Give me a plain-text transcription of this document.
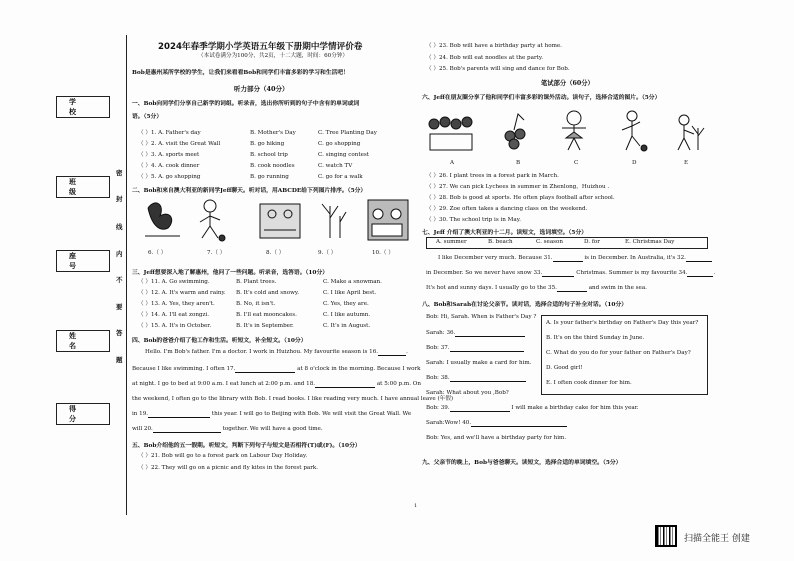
学 校
班 级
座 号
姓 名
得 分
密
封
线
内
不
要
答
题
2024年春季学期小学英语五年级下册期中学情评价卷
（本试卷满分为100分，共2页，十二大题，时间：60分钟）
Bob是惠州某所学校的学生，让我们来看看Bob和同学们丰富多彩的学习和生活吧！
听力部分（40分）
一、Bob向同学们分享自己新学的词组。听录音，选出你所听到的句子中含有的单词或词
语。（5分）
（ ）1. A. Father's day	B. Mother's Day	C. Tree Planting Day
（ ）2. A. visit the Great Wall	B. go hiking	C. go shopping
（ ）3. A. sports meet	B. school trip	C. singing contest
（ ）4. A. cook dinner	B. cook noodles	C. watch TV
（ ）5. A. go shopping	B. go running	C. go for a walk
二、Bob和來自澳大利亚的新同学Jeff聊天。听对话，用ABCDE给下列图片排序。（5分）
6.（ ）	7.（ ）	8.（ ）	9.（ ）	10.（ ）
三、Jeff想要深入地了解惠州，他问了一些问题。听录音，选答语。（10分）
（ ）11. A. Go swimming.	B. Plant trees.	C. Make a snowman.
（ ）12. A. It's warm and rainy. B. It's cold and snowy.	C. I like April best.
（ ）13. A. Yes, they aren't.	B. No, it isn't.	C. Yes, they are.
（ ）14. A. I'll eat zongzi.	B. I'll eat mooncakes.	C. I like autumn.
（ ）15. A. It's in October.	B. It's in September.	C. It's in August.
四、Bob的爸爸介绍了他工作和生活。听短文，补全短文。（10分）
Hello. I'm Bob's father. I'm a doctor. I work in Huizhou. My favourite season is 16.	.
Because I like swimming. I often 17.	at 8 o'clock in the morning. Because I work
at night. I go to bed at 9:00 a.m. I eat lunch at 2:00 p.m. and 18.	at 5:00 p.m. On
the weekend, I often go to the library with Bob. I read books. I like reading very much. I have annual leave (年假)
in 19.	this year. I will go to Beijing with Bob. We will visit the Great Wall. We
will 20.	together. We will have a good time.
五、Bob介绍他的五一假期。听短文，判断下列句子与短文是否相符(T)或(F)。（10分）
（ ）21. Bob will go to a forest park on Labour Day Holiday.
（ ）22. They will go on a picnic and fly kites in the forest park.
（ ）23. Bob will have a birthday party at home.
（ ）24. Bob will eat noodles at the party.
（ ）25. Bob's parents will sing and dance for Bob.
笔试部分（60分）
六、Jeff在朋友圈分享了他和同学们丰富多彩的课外活动。读句子，选择合适的图片。（5分）
A	B	C	D	E
（ ）26. I plant trees in a forest park in March.
（ ）27. We can pick Lychees in summer in Zhenlong，Huizhou .
（ ）28. Bob is good at sports. He often plays football after school.
（ ）29. Zoe often takes a dancing class on the weekend.
（ ）30. The school trip is in May.
七、Jeff 介绍了澳大利亚的十二月。读短文，选词填空。（5分）
A. summer	B. beach	C. season	D. for	E. Christmas Day
I like December very much. Because 31.	is in December. In Australia, it's 32.
in December. So we never have snow 33.	Christmas. Summer is my favourite 34.	.
It's hot and sunny days. I usually go to the 35.	and swim in the sea.
八、Bob和Sarah在讨论父亲节。读对话，选择合适的句子补全对话。（10分）
Bob: Hi, Sarah. When is Father's Day ?
Sarah: 36.
Bob: 37.
Sarah: I usually make a card for him.
Bob: 38.
Sarah: What about you ,Bob?
Bob: 39.	I will make a birthday cake for him this year.
Sarah:Wow! 40.
Bob: Yes, and we'll have a birthday party for him.
A. Is your father's birthday on Father's Day this year?
B. It's on the third Sunday in June.
C. What do you do for your father on Father's Day?
D. Good girl!
E. I often cook dinner for him.
九、父亲节的晚上，Bob与爸爸聊天。读短文，选择合适的单词填空。（5分）
1
扫描全能王 创建
